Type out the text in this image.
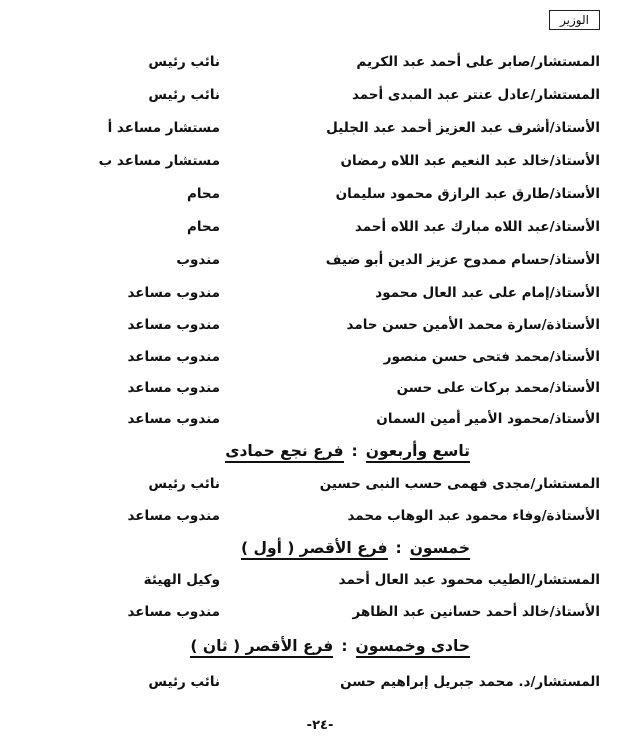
الوزير
المستشار/صابر على أحمد عبد الكريم
نائب رئيس
المستشار/عادل عنتر عبد المبدى أحمد
نائب رئيس
الأستاذ/أشرف عبد العزيز أحمد عبد الجليل
مستشار مساعد أ
الأستاذ/خالد عبد النعيم عبد اللاه رمضان
مستشار مساعد ب
الأستاذ/طارق عبد الرازق محمود سليمان
محام
الأستاذ/عبد اللاه مبارك عبد اللاه أحمد
محام
الأستاذ/حسام ممدوح عزيز الدين أبو ضيف
مندوب
الأستاذ/إمام على عبد العال محمود
مندوب مساعد
الأستاذة/سارة محمد الأمين حسن حامد
مندوب مساعد
الأستاذ/محمد فتحى حسن منصور
مندوب مساعد
الأستاذ/محمد بركات على حسن
مندوب مساعد
الأستاذ/محمود الأمير أمين السمان
مندوب مساعد
تاسع وأربعون:فرع نجع حمادى
المستشار/مجدى فهمى حسب النبى حسين
نائب رئيس
الأستاذة/وفاء محمود عبد الوهاب محمد
مندوب مساعد
خمسون:فرع الأقصر ( أول )
المستشار/الطيب محمود عبد العال أحمد
وكيل الهيئة
الأستاذ/خالد أحمد حسانين عبد الظاهر
مندوب مساعد
حادى وخمسون:فرع الأقصر ( ثان )
المستشار/د. محمد جبريل إبراهيم حسن
نائب رئيس
-٢٤-
